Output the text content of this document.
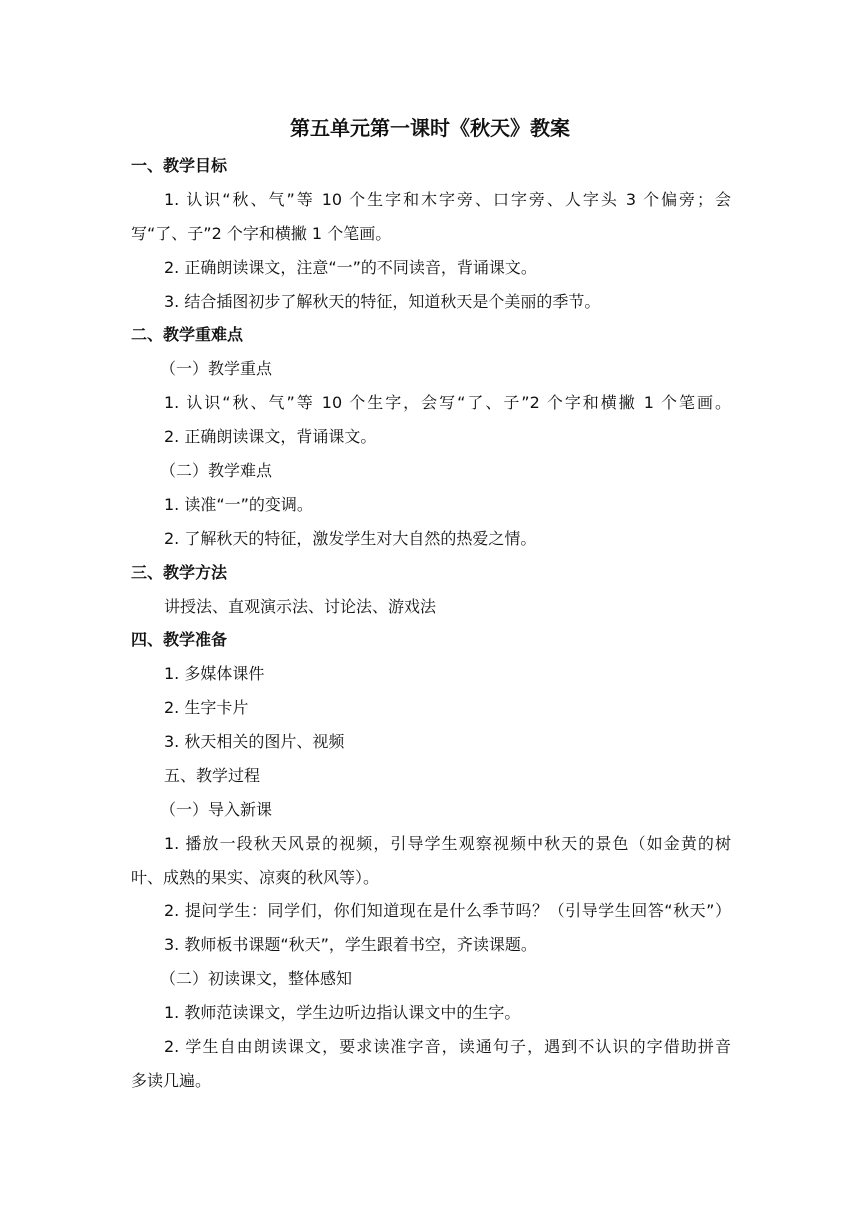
第五单元第一课时《秋天》教案
一、教学目标
1. 认识“秋、气”等 10 个生字和木字旁、口字旁、人字头 3 个偏旁；会
写“了、子”2 个字和横撇 1 个笔画。
2. 正确朗读课文，注意“一”的不同读音，背诵课文。
3. 结合插图初步了解秋天的特征，知道秋天是个美丽的季节。
二、教学重难点
（一）教学重点
1. 认识“秋、气”等 10 个生字，会写“了、子”2 个字和横撇 1 个笔画。
2. 正确朗读课文，背诵课文。
（二）教学难点
1. 读准“一”的变调。
2. 了解秋天的特征，激发学生对大自然的热爱之情。
三、教学方法
讲授法、直观演示法、讨论法、游戏法
四、教学准备
1. 多媒体课件
2. 生字卡片
3. 秋天相关的图片、视频
五、教学过程
（一）导入新课
1. 播放一段秋天风景的视频，引导学生观察视频中秋天的景色（如金黄的树
叶、成熟的果实、凉爽的秋风等）。
2. 提问学生：同学们，你们知道现在是什么季节吗？（引导学生回答“秋天”）
3. 教师板书课题“秋天”，学生跟着书空，齐读课题。
（二）初读课文，整体感知
1. 教师范读课文，学生边听边指认课文中的生字。
2. 学生自由朗读课文，要求读准字音，读通句子，遇到不认识的字借助拼音
多读几遍。
